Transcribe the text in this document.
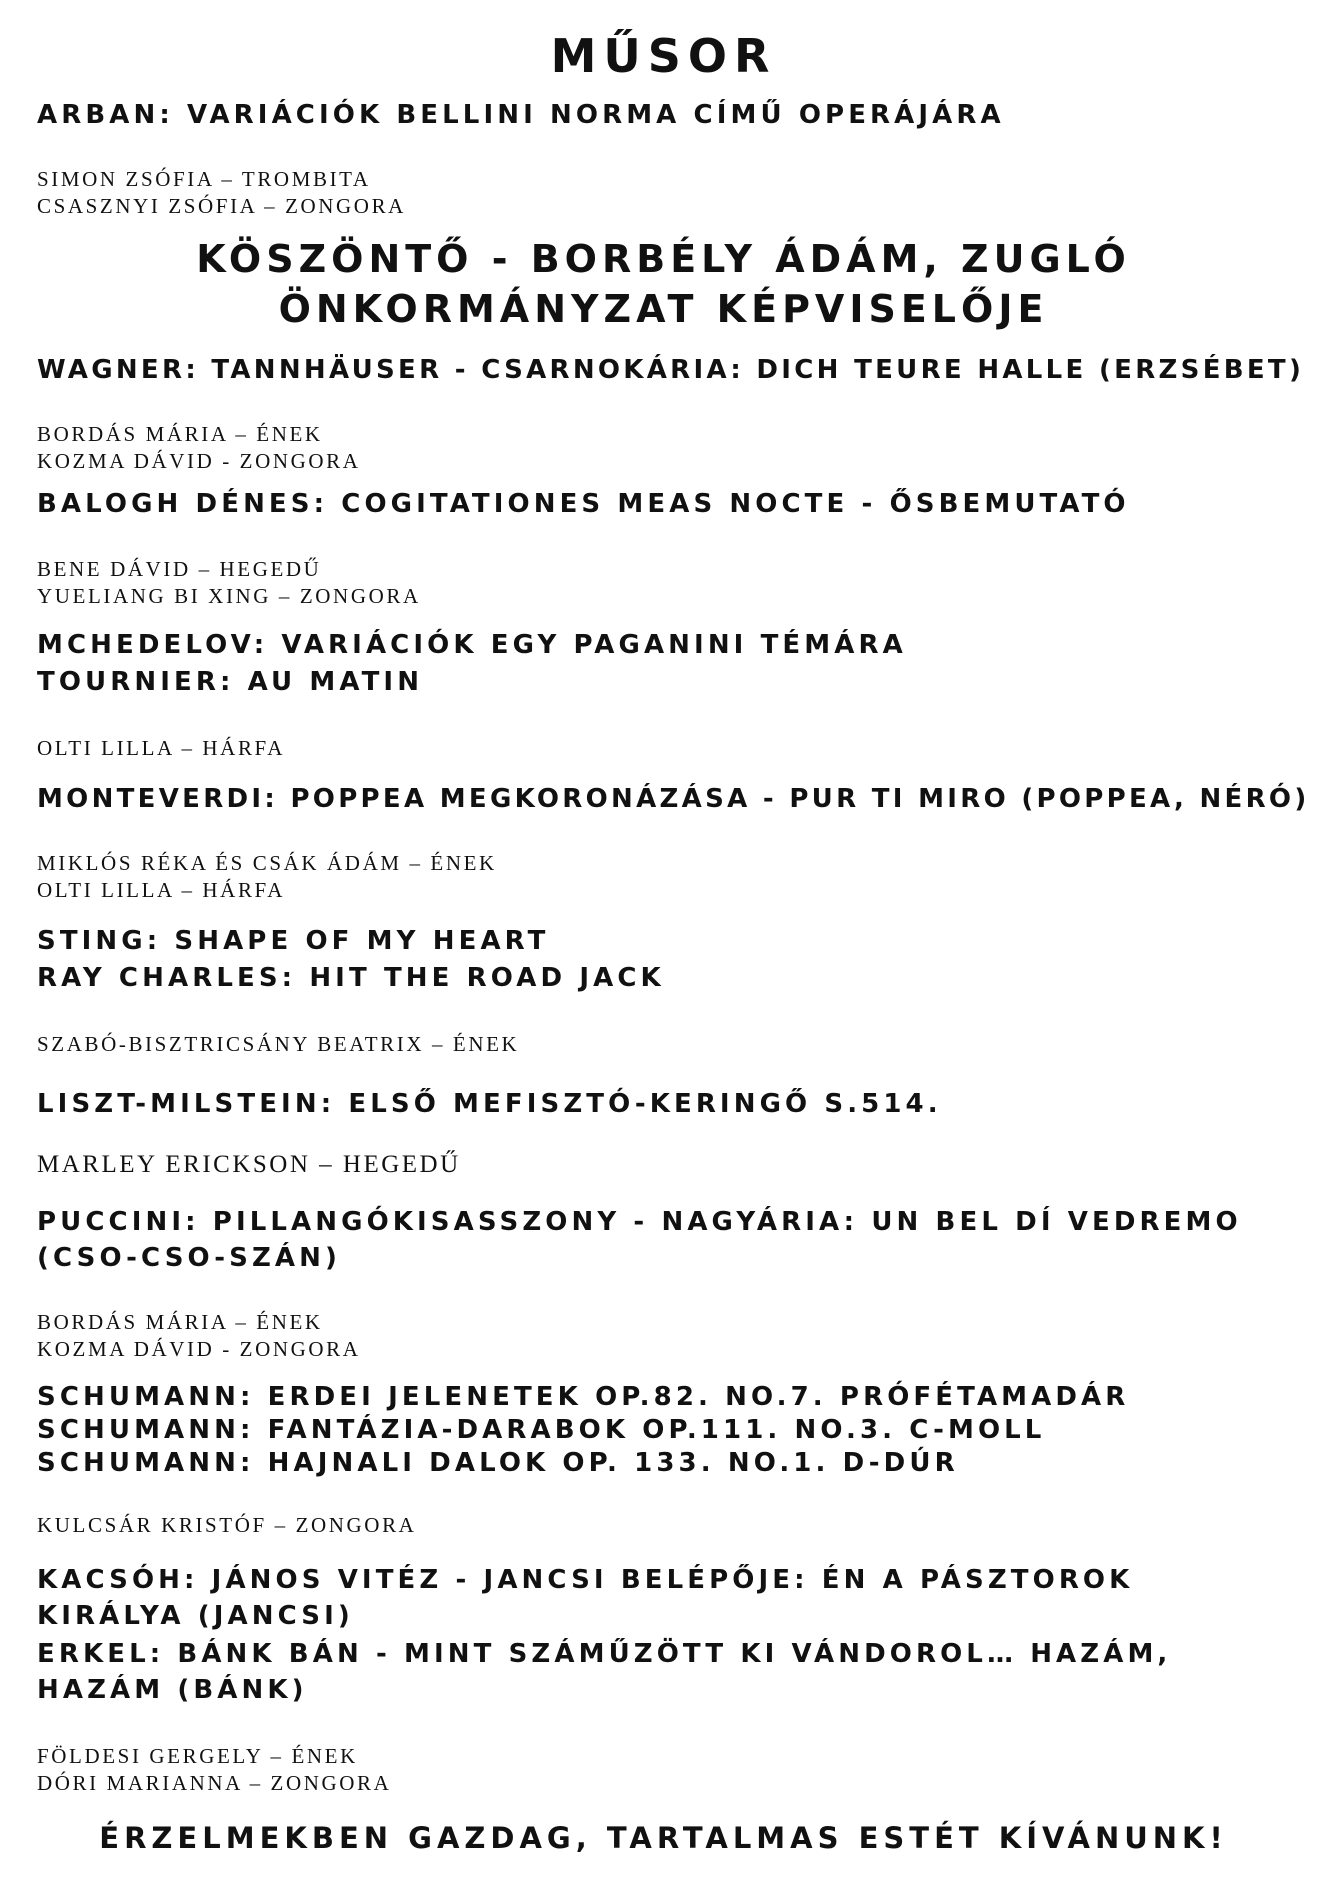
MŰSOR

ARBAN: VARIÁCIÓK BELLINI NORMA CÍMŰ OPERÁJÁRA

SIMON ZSÓFIA – TROMBITA

CSASZNYI ZSÓFIA – ZONGORA

KÖSZÖNTŐ - BORBÉLY ÁDÁM, ZUGLÓ
ÖNKORMÁNYZAT KÉPVISELŐJE

WAGNER: TANNHÄUSER - CSARNOKÁRIA: DICH TEURE HALLE (ERZSÉBET)

BORDÁS MÁRIA – ÉNEK

KOZMA DÁVID - ZONGORA

BALOGH DÉNES: COGITATIONES MEAS NOCTE - ŐSBEMUTATÓ

BENE DÁVID – HEGEDŰ

YUELIANG BI XING – ZONGORA

MCHEDELOV: VARIÁCIÓK EGY PAGANINI TÉMÁRA

TOURNIER: AU MATIN

OLTI LILLA – HÁRFA

MONTEVERDI: POPPEA MEGKORONÁZÁSA - PUR TI MIRO (POPPEA, NÉRÓ)

MIKLÓS RÉKA ÉS CSÁK ÁDÁM – ÉNEK

OLTI LILLA – HÁRFA

STING: SHAPE OF MY HEART

RAY CHARLES: HIT THE ROAD JACK

SZABÓ-BISZTRICSÁNY BEATRIX – ÉNEK

LISZT-MILSTEIN: ELSŐ MEFISZTÓ-KERINGŐ S.514.

MARLEY ERICKSON – HEGEDŰ

PUCCINI: PILLANGÓKISASSZONY - NAGYÁRIA: UN BEL DÍ VEDREMO (CSO-CSO-SZÁN)

BORDÁS MÁRIA – ÉNEK

KOZMA DÁVID - ZONGORA

SCHUMANN: ERDEI JELENETEK OP.82. NO.7. PRÓFÉTAMADÁR

SCHUMANN: FANTÁZIA-DARABOK OP.111. NO.3. C-MOLL

SCHUMANN: HAJNALI DALOK OP. 133. NO.1. D-DÚR

KULCSÁR KRISTÓF – ZONGORA

KACSÓH: JÁNOS VITÉZ - JANCSI BELÉPŐJE: ÉN A PÁSZTOROK KIRÁLYA (JANCSI)

ERKEL: BÁNK BÁN - MINT SZÁMŰZÖTT KI VÁNDOROL… HAZÁM, HAZÁM (BÁNK)

FÖLDESI GERGELY – ÉNEK

DÓRI MARIANNA – ZONGORA

ÉRZELMEKBEN GAZDAG, TARTALMAS ESTÉT KÍVÁNUNK!
